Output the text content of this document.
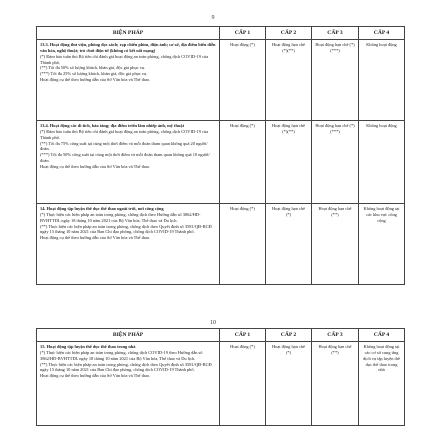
9
BIỆN PHÁP	CẤP 1	CẤP 2	CẤP 3	CẤP 4

13.3. Hoạt động thư viện, phòng đọc sách; rạp chiếu phim, điện ảnh; cơ sở, địa điểm biểu diễn văn hóa, nghệ thuật; trò chơi điện tử (không có kết nối mạng)
(*) Đảm bảo tuân thủ Bộ tiêu chí đánh giá hoạt động an toàn phòng, chống dịch COVID-19 của Thành phố.
(**) Tối đa 50% số lượng khách, khán giả, độc giả phục vụ.
(***) Tối đa 25% số lượng khách, khán giả, độc giả phục vụ.
Hoạt động cụ thể theo hướng dẫn của Sở Văn hóa và Thể thao.	Hoạt động (*)	Hoạt động hạn chế (*)(**)	Hoạt động hạn chế (*)(***)	Không hoạt động

13.4. Hoạt động các di tích, bảo tàng; địa điểm triển lãm nhiếp ảnh, mỹ thuật
(*) Đảm bảo tuân thủ Bộ tiêu chí đánh giá hoạt động an toàn phòng, chống dịch COVID-19 của Thành phố.
(**) Tối đa 75% công suất tại cùng một thời điểm và mỗi đoàn tham quan không quá 20 người/đoàn.
(***) Tối đa 50% công suất tại cùng một thời điểm và mỗi đoàn tham quan không quá 10 người/đoàn.
Hoạt động cụ thể theo hướng dẫn của Sở Văn hóa và Thể thao.	Hoạt động (*)	Hoạt động hạn chế (*)(**)	Hoạt động hạn chế (*)(***)	Không hoạt động

14. Hoạt động tập luyện thể dục thể thao ngoài trời, nơi công cộng
(*) Thực hiện các biện pháp an toàn trong phòng, chống dịch theo Hướng dẫn số 3862/HD-BVHTTDL ngày 18 tháng 10 năm 2021 của Bộ Văn hóa, Thể thao và Du lịch.
(**) Thực hiện các biện pháp an toàn trong phòng, chống dịch theo Quyết định số 3581/QĐ-BCĐ ngày 15 tháng 10 năm 2021 của Ban Chỉ đạo phòng, chống dịch COVID-19 Thành phố.
Hoạt động cụ thể theo hướng dẫn của Sở Văn hóa và Thể thao.	Hoạt động (*)	Hoạt động hạn chế (*)	Hoạt động hạn chế (**)	Không hoạt động tại các khu vực công cộng
10
BIỆN PHÁP	CẤP 1	CẤP 2	CẤP 3	CẤP 4

15. Hoạt động tập luyện thể dục thể thao trong nhà
(*) Thực hiện các biện pháp an toàn trong phòng, chống dịch COVID-19 theo Hướng dẫn số 3862/HD-BVHTTDL ngày 18 tháng 10 năm 2021 của Bộ Văn hóa, Thể thao và Du lịch.
(**) Thực hiện các biện pháp an toàn trong phòng, chống dịch theo Quyết định số 3581/QĐ-BCĐ ngày 15 tháng 10 năm 2021 của Ban Chỉ đạo phòng, chống dịch COVID-19 Thành phố.
Hoạt động cụ thể theo hướng dẫn của Sở Văn hóa và Thể thao.	Hoạt động (*)	Hoạt động hạn chế (*)	Hoạt động hạn chế (**)	Không hoạt động tại các cơ sở cung ứng dịch vụ tập luyện thể dục thể thao trong nhà
